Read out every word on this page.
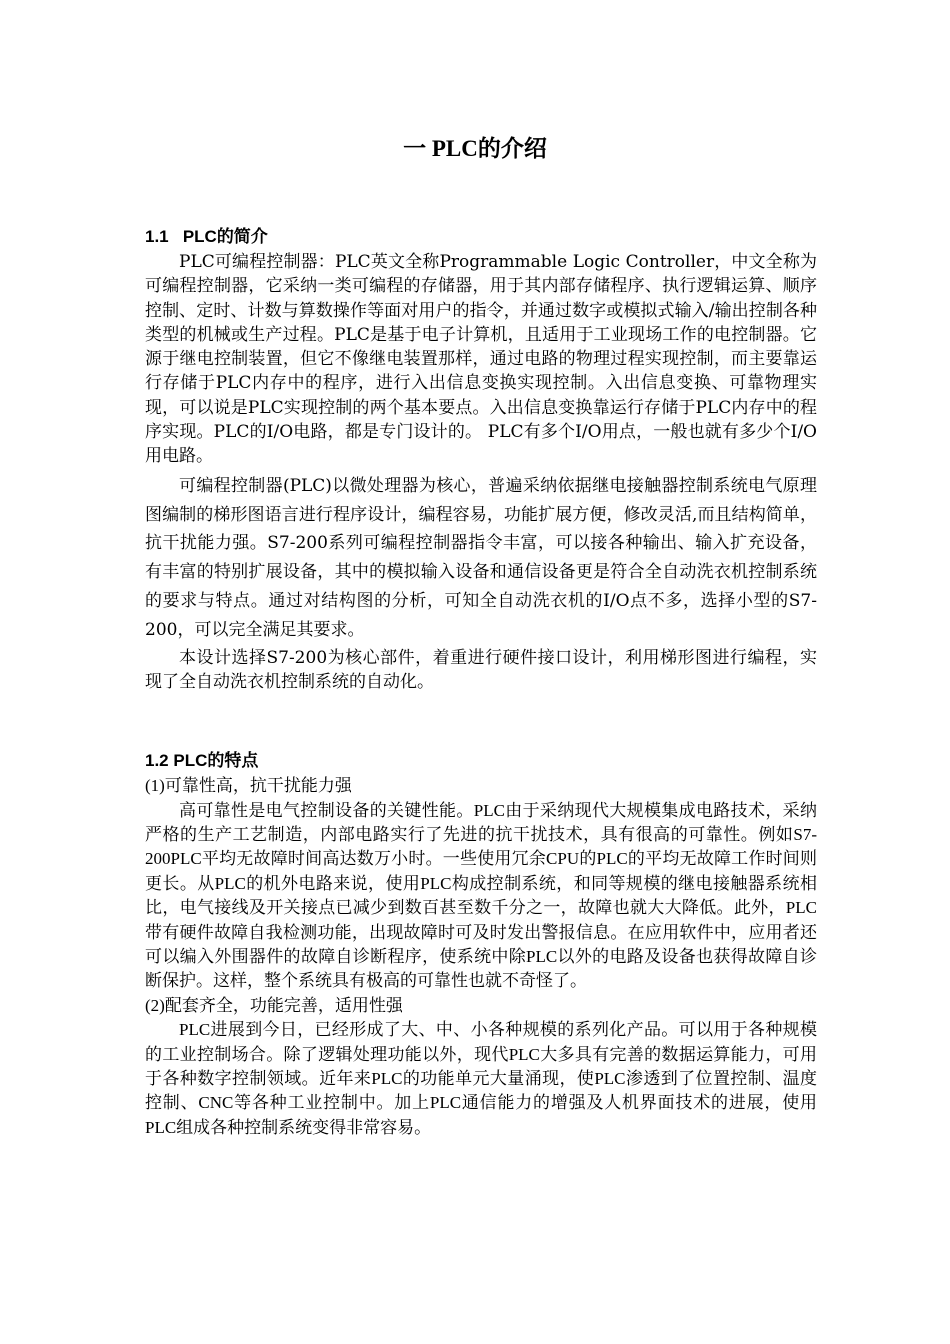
一 PLC的介绍
1.1 PLC的简介

PLC可编程控制器：PLC英文全称Programmable Logic Controller，中文全称为可编程控制器，它采纳一类可编程的存储器，用于其内部存储程序、执行逻辑运算、顺序控制、定时、计数与算数操作等面对用户的指令，并通过数字或模拟式输入/输出控制各种类型的机械或生产过程。PLC是基于电子计算机，且适用于工业现场工作的电控制器。它源于继电控制装置，但它不像继电装置那样，通过电路的物理过程实现控制，而主要靠运行存储于PLC内存中的程序，进行入出信息变换实现控制。入出信息变换、可靠物理实现，可以说是PLC实现控制的两个基本要点。入出信息变换靠运行存储于PLC内存中的程序实现。PLC的I/O电路，都是专门设计的。 PLC有多个I/O用点，一般也就有多少个I/O用电路。

可编程控制器(PLC)以微处理器为核心，普遍采纳依据继电接触器控制系统电气原理图编制的梯形图语言进行程序设计，编程容易，功能扩展方便，修改灵活,而且结构简单，抗干扰能力强。S7-200系列可编程控制器指令丰富，可以接各种输出、输入扩充设备，有丰富的特别扩展设备，其中的模拟输入设备和通信设备更是符合全自动洗衣机控制系统的要求与特点。通过对结构图的分析，可知全自动洗衣机的I/O点不多，选择小型的S7-200，可以完全满足其要求。

本设计选择S7-200为核心部件，着重进行硬件接口设计，利用梯形图进行编程，实现了全自动洗衣机控制系统的自动化。

1.2 PLC的特点

(1)可靠性高，抗干扰能力强

高可靠性是电气控制设备的关键性能。PLC由于采纳现代大规模集成电路技术，采纳严格的生产工艺制造，内部电路实行了先进的抗干扰技术，具有很高的可靠性。例如S7-200PLC平均无故障时间高达数万小时。一些使用冗余CPU的PLC的平均无故障工作时间则更长。从PLC的机外电路来说，使用PLC构成控制系统，和同等规模的继电接触器系统相比，电气接线及开关接点已减少到数百甚至数千分之一，故障也就大大降低。此外，PLC带有硬件故障自我检测功能，出现故障时可及时发出警报信息。在应用软件中，应用者还可以编入外围器件的故障自诊断程序，使系统中除PLC以外的电路及设备也获得故障自诊断保护。这样，整个系统具有极高的可靠性也就不奇怪了。

(2)配套齐全，功能完善，适用性强

PLC进展到今日，已经形成了大、中、小各种规模的系列化产品。可以用于各种规模的工业控制场合。除了逻辑处理功能以外，现代PLC大多具有完善的数据运算能力，可用于各种数字控制领域。近年来PLC的功能单元大量涌现，使PLC渗透到了位置控制、温度控制、CNC等各种工业控制中。加上PLC通信能力的增强及人机界面技术的进展，使用PLC组成各种控制系统变得非常容易。
